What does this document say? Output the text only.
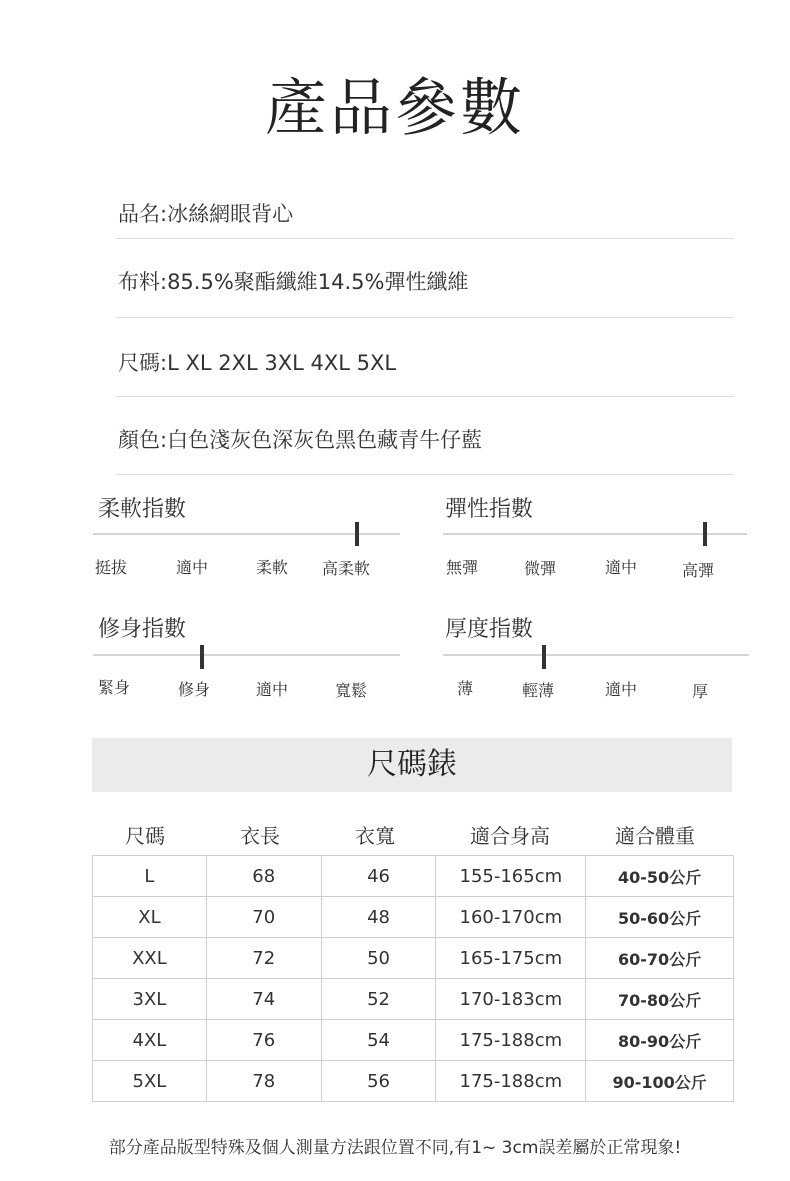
產品參數
品名:冰絲網眼背心
布料:85.5%聚酯纖維14.5%彈性纖維
尺碼:L XL 2XL 3XL 4XL 5XL
顏色:白色淺灰色深灰色黑色藏青牛仔藍
柔軟指數
挺拔	適中	柔軟 高柔軟
彈性指數
無彈	微彈	適中	高彈
修身指數
緊身	修身	適中	寬鬆
厚度指數
薄	輕薄	適中	厚
尺碼錶
尺碼	衣長	衣寬	適合身高	適合體重
L	68	46	155-165cm	40-50公斤
XL	70	48	160-170cm	50-60公斤
XXL	72	50	165-175cm	60-70公斤
3XL	74	52	170-183cm	70-80公斤
4XL	76	54	175-188cm	80-90公斤
5XL	78	56	175-188cm	90-100公斤
部分產品版型特殊及個人測量方法跟位置不同,有1~ 3cm誤差屬於正常現象!
